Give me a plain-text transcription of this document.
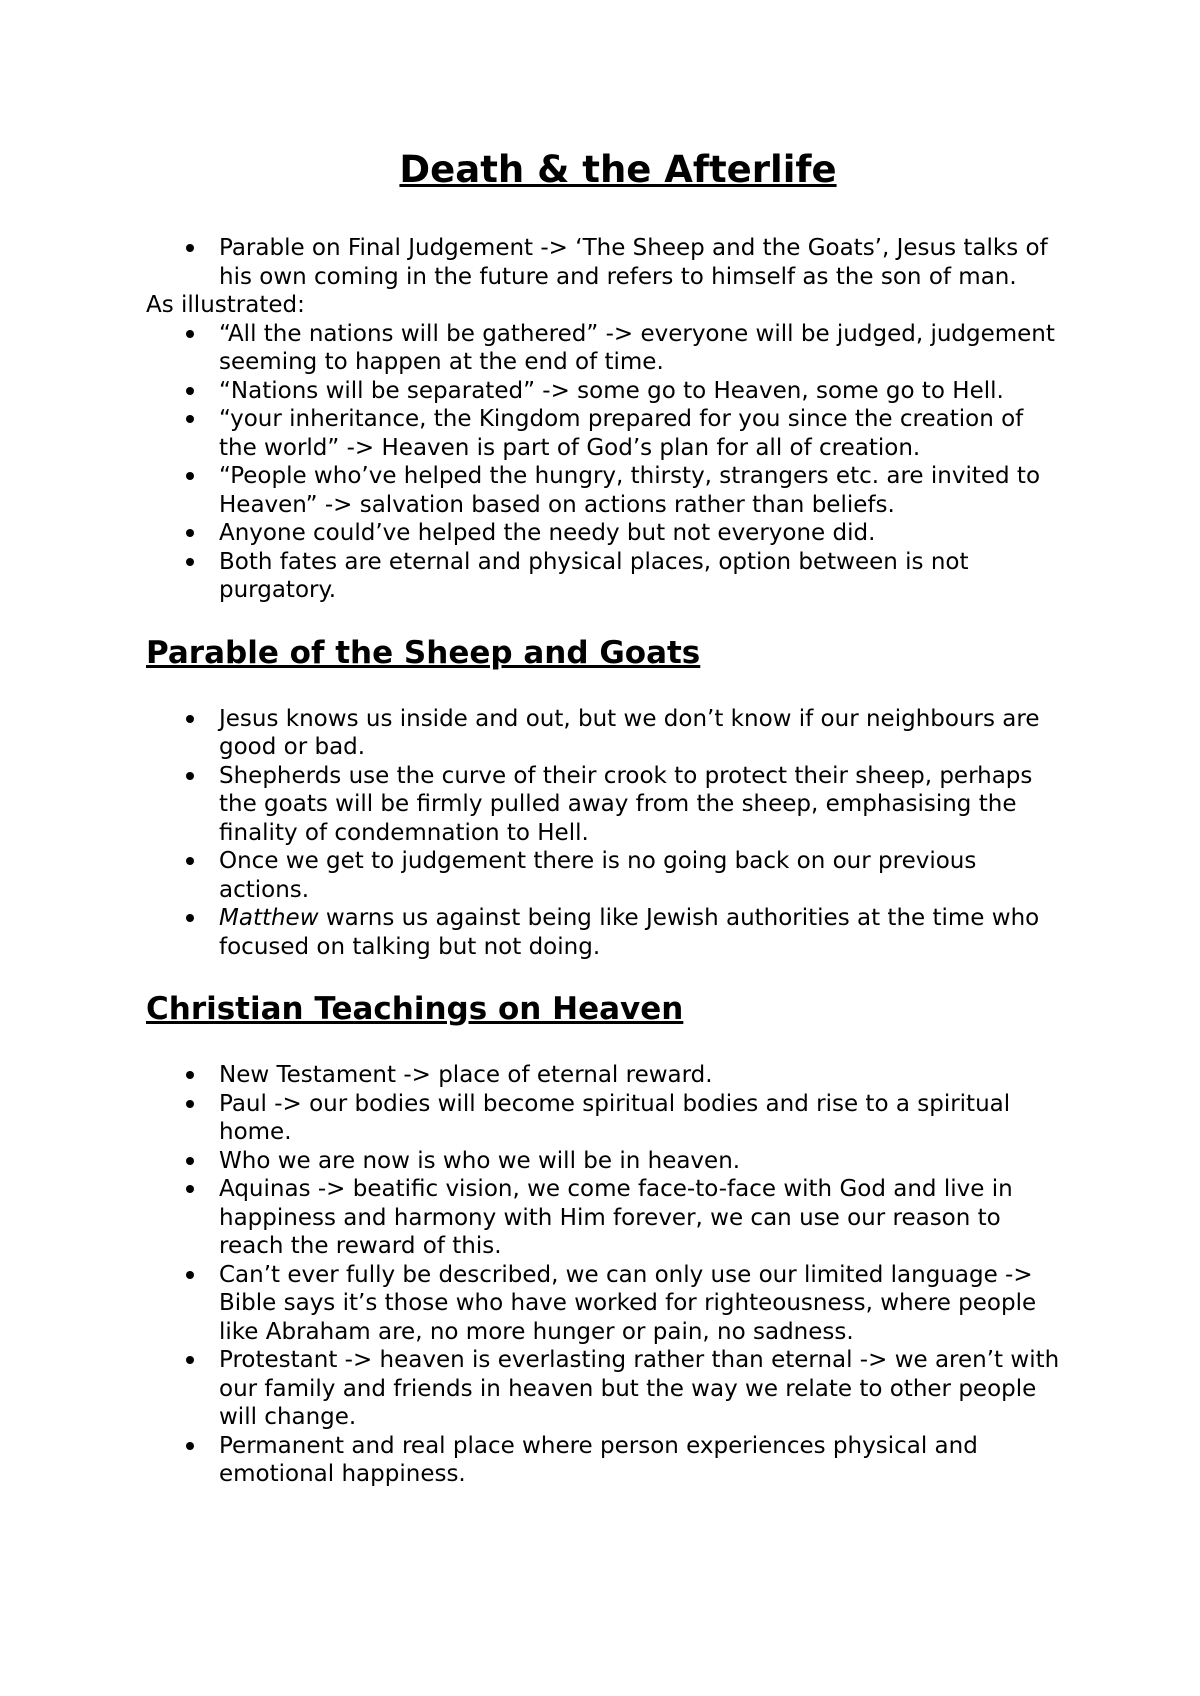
Death & the Afterlife
Parable on Final Judgement -> ‘The Sheep and the Goats’, Jesus talks of his own coming in the future and refers to himself as the son of man.

As illustrated:

“All the nations will be gathered” -> everyone will be judged, judgement seeming to happen at the end of time.
“Nations will be separated” -> some go to Heaven, some go to Hell.
“your inheritance, the Kingdom prepared for you since the creation of the world” -> Heaven is part of God’s plan for all of creation.
“People who’ve helped the hungry, thirsty, strangers etc. are invited to Heaven” -> salvation based on actions rather than beliefs.
Anyone could’ve helped the needy but not everyone did.
Both fates are eternal and physical places, option between is not purgatory.
Parable of the Sheep and Goats
Jesus knows us inside and out, but we don’t know if our neighbours are good or bad.
Shepherds use the curve of their crook to protect their sheep, perhaps the goats will be firmly pulled away from the sheep, emphasising the finality of condemnation to Hell.
Once we get to judgement there is no going back on our previous actions.
Matthew warns us against being like Jewish authorities at the time who focused on talking but not doing.
Christian Teachings on Heaven
New Testament -> place of eternal reward.
Paul -> our bodies will become spiritual bodies and rise to a spiritual home.
Who we are now is who we will be in heaven.
Aquinas -> beatific vision, we come face-to-face with God and live in happiness and harmony with Him forever, we can use our reason to reach the reward of this.
Can’t ever fully be described, we can only use our limited language -> Bible says it’s those who have worked for righteousness, where people like Abraham are, no more hunger or pain, no sadness.
Protestant -> heaven is everlasting rather than eternal -> we aren’t with our family and friends in heaven but the way we relate to other people will change.
Permanent and real place where person experiences physical and emotional happiness.
